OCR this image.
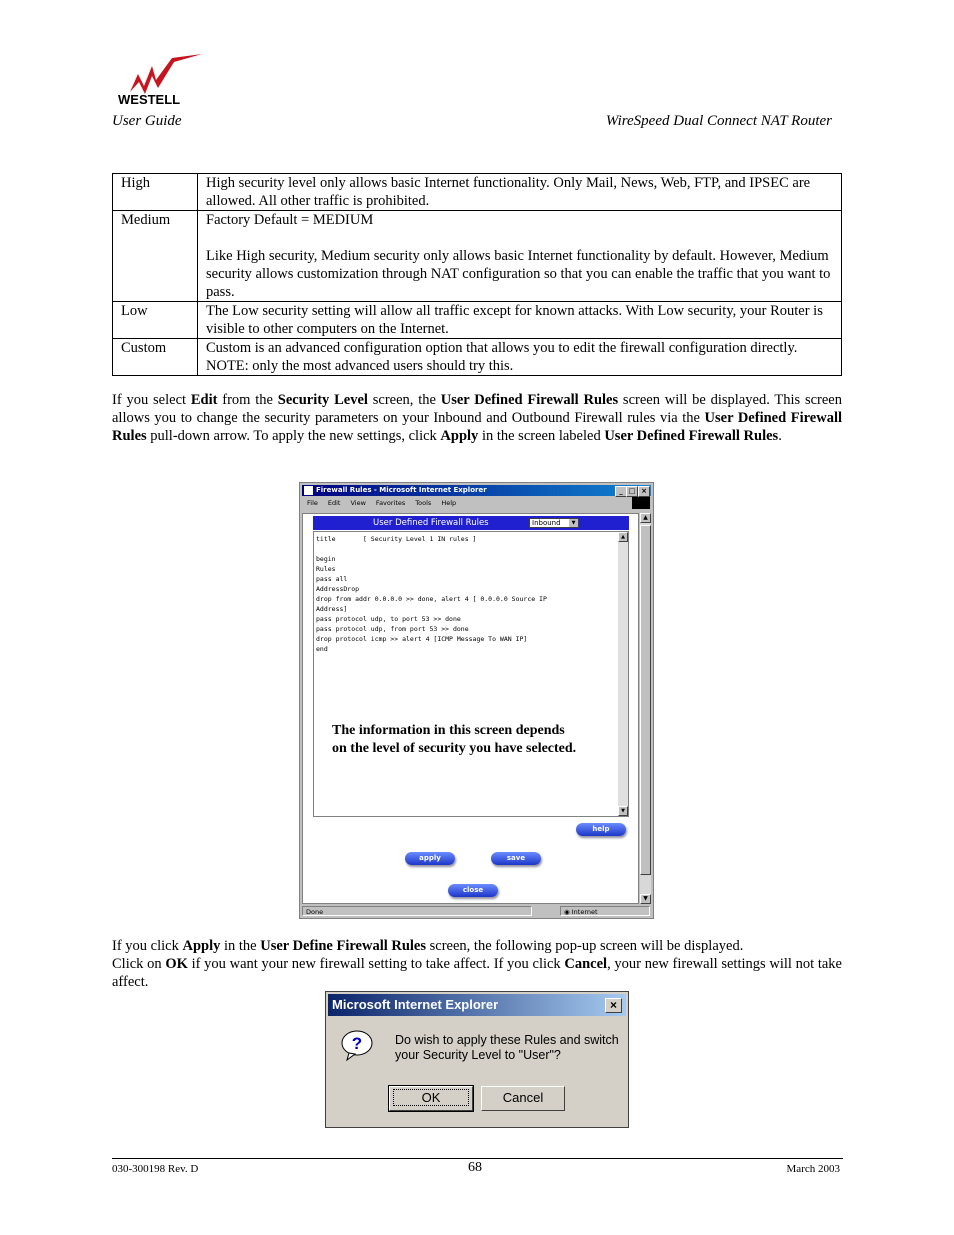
WESTELL
User Guide	WireSpeed Dual Connect NAT Router
High	High security level only allows basic Internet functionality. Only Mail, News, Web, FTP, and IPSEC are allowed. All other traffic is prohibited.

Medium	Factory Default = MEDIUM

Like High security, Medium security only allows basic Internet functionality by default. However, Medium security allows customization through NAT configuration so that you can enable the traffic that you want to pass.

Low	The Low security setting will allow all traffic except for known attacks. With Low security, your Router is visible to other computers on the Internet.

Custom	Custom is an advanced configuration option that allows you to edit the firewall configuration directly. NOTE: only the most advanced users should try this.

If you select Edit from the Security Level screen, the User Defined Firewall Rules screen will be displayed. This screen allows you to change the security parameters on your Inbound and Outbound Firewall rules via the User Defined Firewall Rules pull-down arrow. To apply the new settings, click Apply in the screen labeled User Defined Firewall Rules.
Firewall Rules - Microsoft Internet Explorer	_ □ ×
File Edit View Favorites Tools Help
User Defined Firewall Rules	Inbound	▼
title       [ Security Level 1 IN rules ]

begin
Rules
pass all
AddressDrop
drop from addr 0.0.0.0 >> done, alert 4 [ 0.0.0.0 Source IP
Address]
pass protocol udp, to port 53 >> done
pass protocol udp, from port 53 >> done
drop protocol icmp >> alert 4 [ICMP Message To WAN IP]
end
▲
▼
The information in this screen depends
on the level of security you have selected.
help
apply	save
close
▲
▼
Done	◉ Internet
If you click Apply in the User Define Firewall Rules screen, the following pop-up screen will be displayed.
Click on OK if you want your new firewall setting to take affect. If you click Cancel, your new firewall settings will not take affect.
Microsoft Internet Explorer	×
?	Do wish to apply these Rules and switch
your Security Level to "User"?
OK	Cancel
030-300198 Rev. D	68	March 2003
